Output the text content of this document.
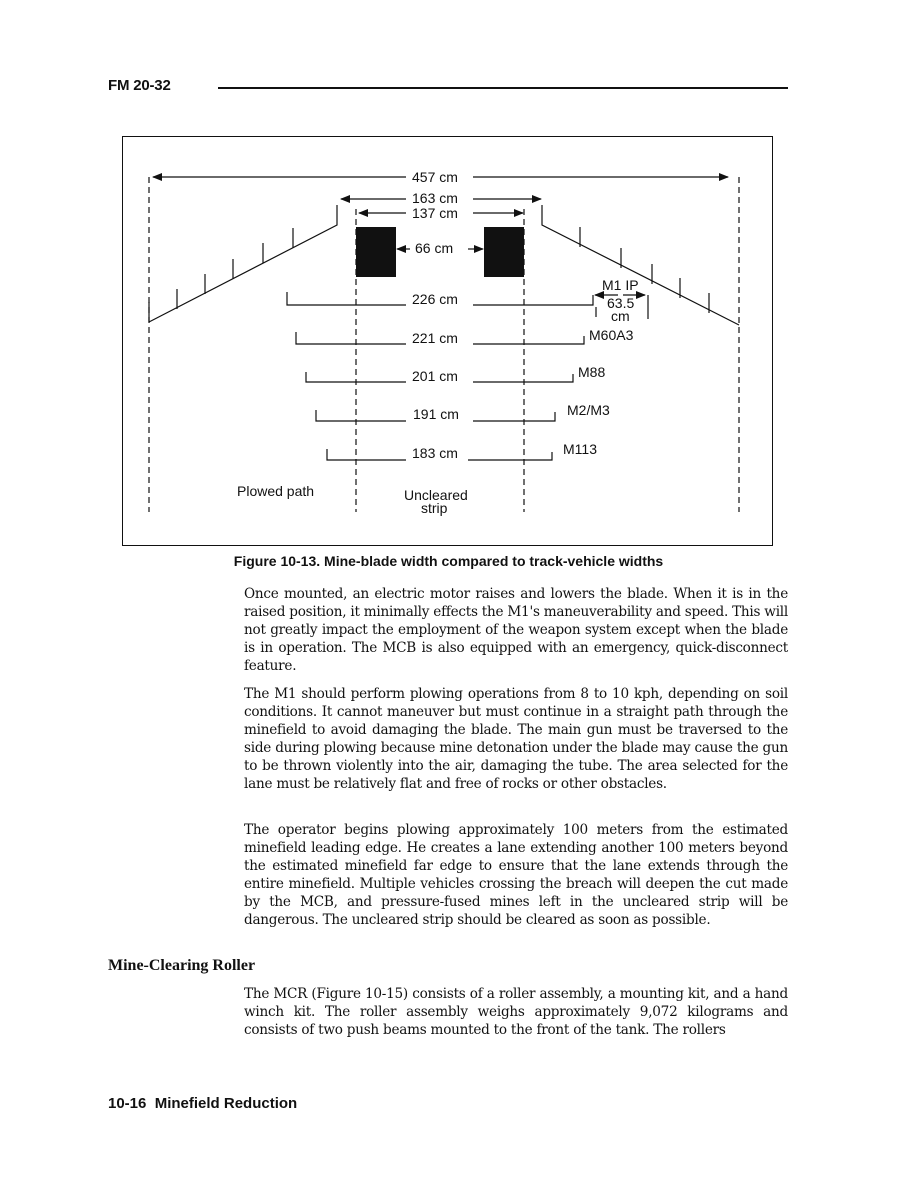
FM 20-32
457 cm
163 cm
137 cm
66 cm
M1 IP
63.5
cm
226 cm
221 cm	M60A3
201 cm	M88
191 cm	M2/M3
183 cm	M113
Plowed path	Uncleared
strip
Figure 10-13. Mine-blade width compared to track-vehicle widths

Once mounted, an electric motor raises and lowers the blade. When it is in the raised position, it minimally effects the M1's maneuverability and speed. This will not greatly impact the employment of the weapon system except when the blade is in operation. The MCB is also equipped with an emergency, quick-disconnect feature.

The M1 should perform plowing operations from 8 to 10 kph, depending on soil conditions. It cannot maneuver but must continue in a straight path through the minefield to avoid damaging the blade. The main gun must be traversed to the side during plowing because mine detonation under the blade may cause the gun to be thrown violently into the air, damaging the tube. The area selected for the lane must be relatively flat and free of rocks or other obstacles.

The operator begins plowing approximately 100 meters from the estimated minefield leading edge. He creates a lane extending another 100 meters beyond the estimated minefield far edge to ensure that the lane extends through the entire minefield. Multiple vehicles crossing the breach will deepen the cut made by the MCB, and pressure-fused mines left in the uncleared strip will be dangerous. The uncleared strip should be cleared as soon as possible.

Mine-Clearing Roller

The MCR (Figure 10-15) consists of a roller assembly, a mounting kit, and a hand winch kit. The roller assembly weighs approximately 9,072 kilograms and consists of two push beams mounted to the front of the tank. The rollers

10-16  Minefield Reduction
